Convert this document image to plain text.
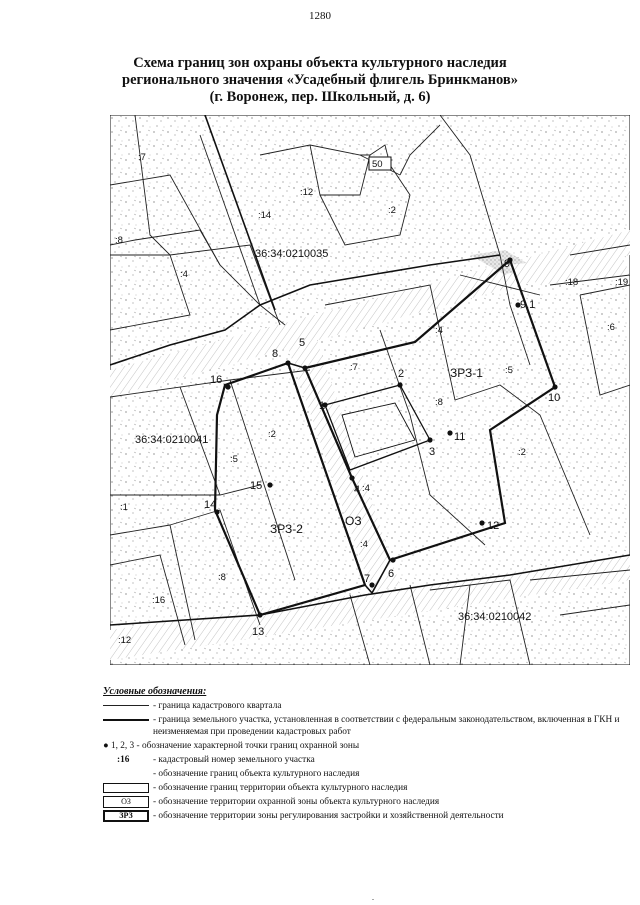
1280
Схема границ зон охраны объекта культурного наследия
регионального значения «Усадебный флигель Бринкманов»
(г. Воронеж, пер. Школьный, д. 6)
36:34:0210035
36:34:0210041
36:34:0210042
ЗРЗ-1
ЗРЗ-2
ОЗ
:7
:8
:14
:4
:12
:2
50
:18	:19
:6
:7
:4
:8
:5
:2
:5
:2
:4
:1
:16
:8
:4
:12
1
2
3
4
5
6
7
8
9
9.1
10
11
12
13
14
15
16
Условные обозначения:
- граница кадастрового квартала
- граница земельного участка, установленная в соответствии с федеральным законодательством, включенная в ГКН и неизменяемая при проведении кадастровых работ
● 1, 2, 3 - обозначение характерной точки границ охранной зоны
:16	- кадастровый номер земельного участка
- обозначение границ объекта культурного наследия
- обозначение границ территории объекта культурного наследия
ОЗ	- обозначение территории охранной зоны объекта культурного наследия
ЗРЗ	- обозначение территории зоны регулирования застройки и хозяйственной деятельности
.
